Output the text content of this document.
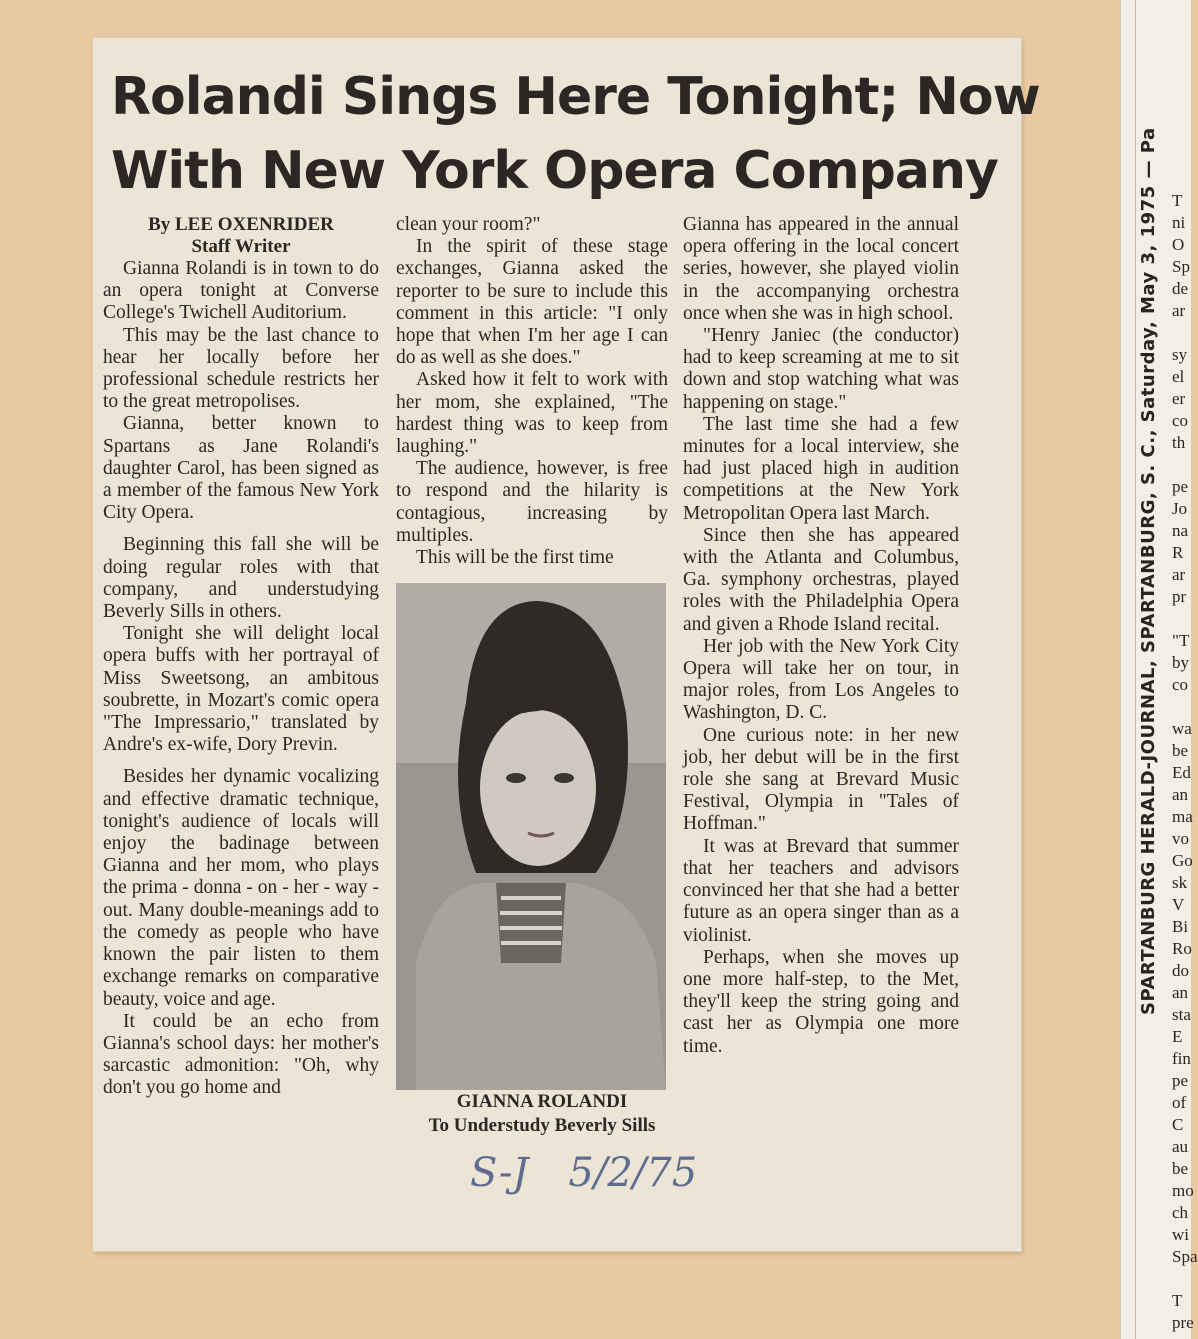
SPARTANBURG HERALD-JOURNAL, SPARTANBURG, S. C., Saturday, May 3, 1975 — Pa T
ni
O
Sp
de
ar
sy
el
er
co
th
pe
Jo
na
R
ar
pr
"T
by
co
wa
be
Ed
an
ma
vo
Go
sk
V
Bi
Ro
do
an
sta
E
fin
pe
of
C
au
be
mo
ch
wi
Spa
T
pre
Rolandi Sings Here Tonight; Now
With New York Opera Company

By LEE OXENRIDER

Staff Writer

Gianna Rolandi is in town to do an opera tonight at Converse College's Twichell Auditorium.

This may be the last chance to hear her locally before her professional schedule restricts her to the great metropolises.

Gianna, better known to Spartans as Jane Rolandi's daughter Carol, has been signed as a member of the famous New York City Opera.

Beginning this fall she will be doing regular roles with that company, and understudying Beverly Sills in others.

Tonight she will delight local opera buffs with her portrayal of Miss Sweetsong, an ambitous soubrette, in Mozart's comic opera "The Impressario," translated by Andre's ex-wife, Dory Previn.

Besides her dynamic vocalizing and effective dramatic technique, tonight's audience of locals will enjoy the badinage between Gianna and her mom, who plays the prima - donna - on - her - way - out. Many double-meanings add to the comedy as people who have known the pair listen to them exchange remarks on comparative beauty, voice and age.

It could be an echo from Gianna's school days: her mother's sarcastic admonition: "Oh, why don't you go home and

clean your room?"

In the spirit of these stage exchanges, Gianna asked the reporter to be sure to include this comment in this article: "I only hope that when I'm her age I can do as well as she does."

Asked how it felt to work with her mom, she explained, "The hardest thing was to keep from laughing."

The audience, however, is free to respond and the hilarity is contagious, increasing by multiples.

This will be the first time

GIANNA ROLANDI

To Understudy Beverly Sills

Gianna has appeared in the annual opera offering in the local concert series, however, she played violin in the accompanying orchestra once when she was in high school.

"Henry Janiec (the conductor) had to keep screaming at me to sit down and stop watching what was happening on stage."

The last time she had a few minutes for a local interview, she had just placed high in audition competitions at the New York Metropolitan Opera last March.

Since then she has appeared with the Atlanta and Columbus, Ga. symphony orchestras, played roles with the Philadelphia Opera and given a Rhode Island recital.

Her job with the New York City Opera will take her on tour, in major roles, from Los Angeles to Washington, D. C.

One curious note: in her new job, her debut will be in the first role she sang at Brevard Music Festival, Olympia in "Tales of Hoffman."

It was at Brevard that summer that her teachers and advisors convinced her that she had a better future as an opera singer than as a violinist.

Perhaps, when she moves up one more half-step, to the Met, they'll keep the string going and cast her as Olympia one more time.

S-J 5/2/75
